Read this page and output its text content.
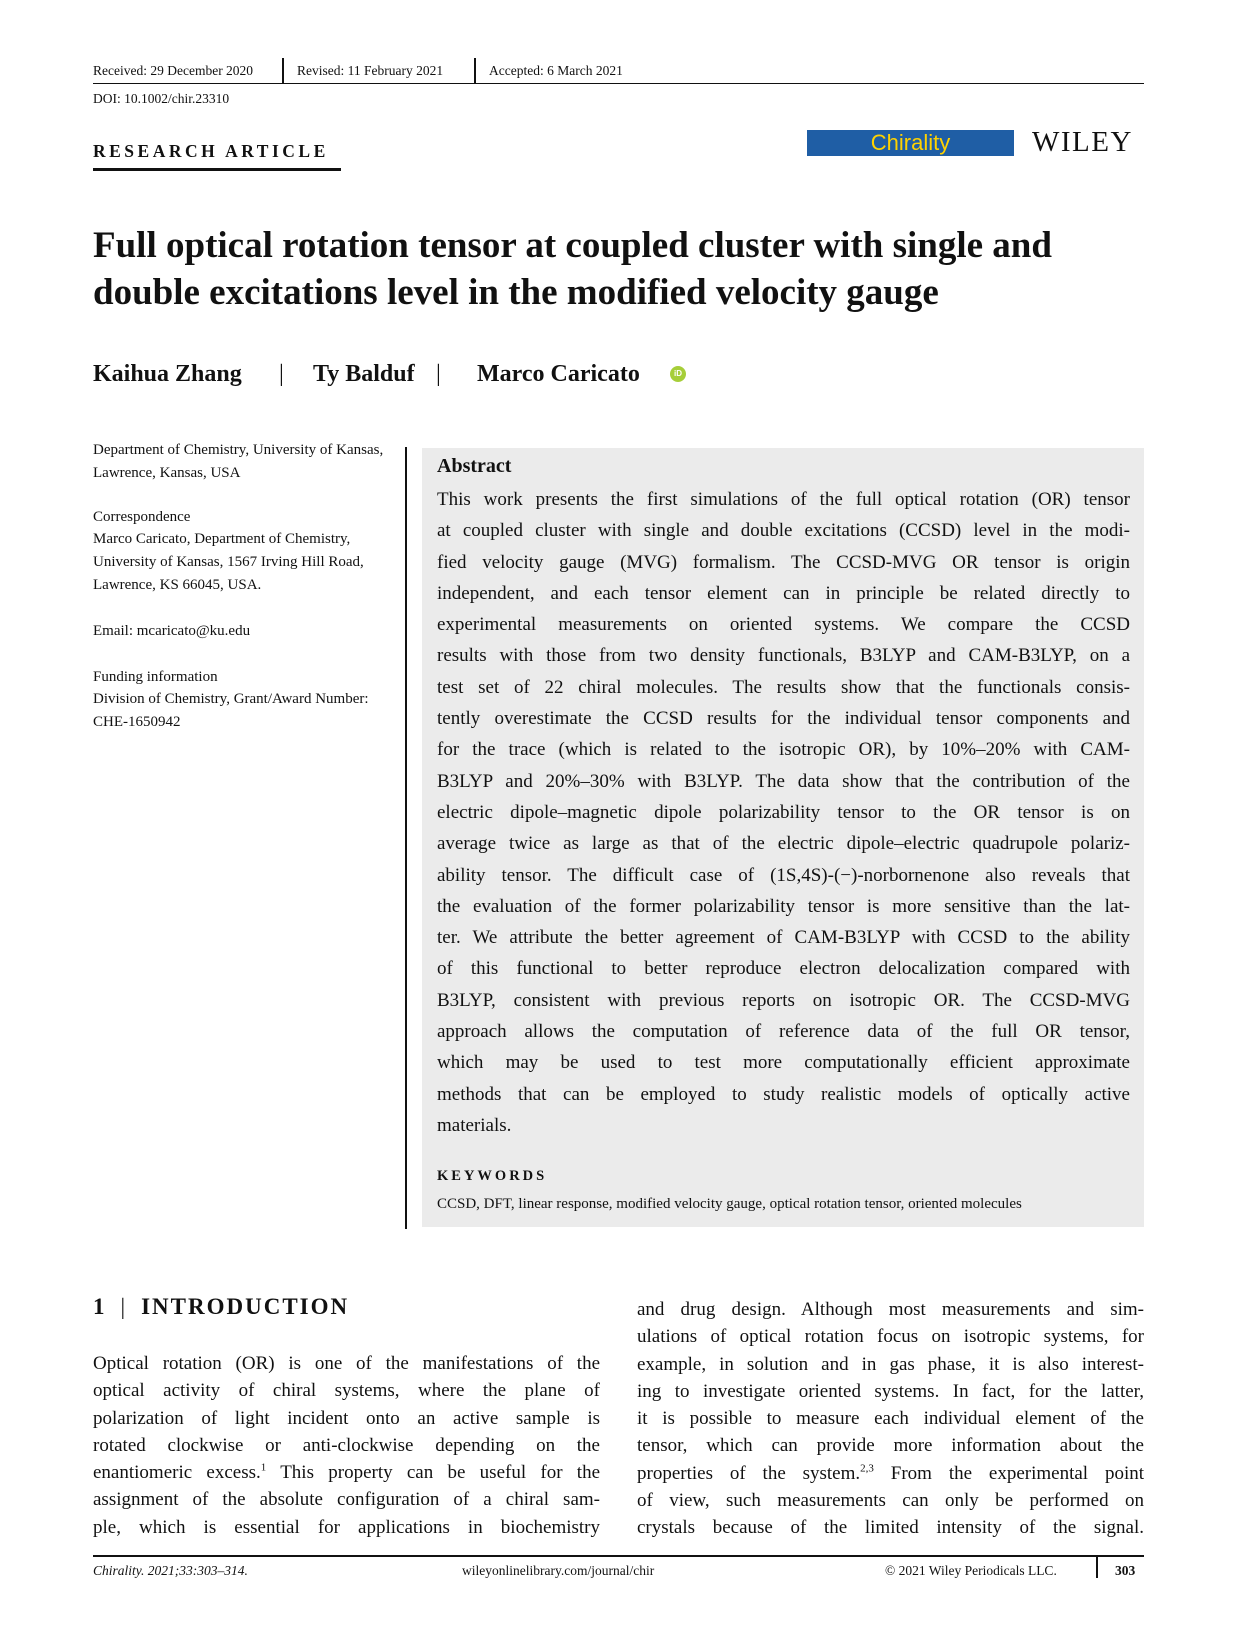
Received: 29 December 2020	Revised: 11 February 2021	Accepted: 6 March 2021
DOI: 10.1002/chir.23310
RESEARCH ARTICLE	Chirality	WILEY
Full optical rotation tensor at coupled cluster with single and double excitations level in the modified velocity gauge
Kaihua Zhang | Ty Balduf | Marco Caricato	iD
Department of Chemistry, University of Kansas, Lawrence, Kansas, USA
Correspondence
Marco Caricato, Department of Chemistry, University of Kansas, 1567 Irving Hill Road, Lawrence, KS 66045, USA.
Email: mcaricato@ku.edu
Funding information
Division of Chemistry, Grant/Award Number: CHE-1650942
Abstract
This work presents the first simulations of the full optical rotation (OR) tensor
at coupled cluster with single and double excitations (CCSD) level in the modi-
fied velocity gauge (MVG) formalism. The CCSD-MVG OR tensor is origin
independent, and each tensor element can in principle be related directly to
experimental measurements on oriented systems. We compare the CCSD
results with those from two density functionals, B3LYP and CAM-B3LYP, on a
test set of 22 chiral molecules. The results show that the functionals consis-
tently overestimate the CCSD results for the individual tensor components and
for the trace (which is related to the isotropic OR), by 10%–20% with CAM-
B3LYP and 20%–30% with B3LYP. The data show that the contribution of the
electric dipole–magnetic dipole polarizability tensor to the OR tensor is on
average twice as large as that of the electric dipole–electric quadrupole polariz-
ability tensor. The difficult case of (1S,4S)-(−)-norbornenone also reveals that
the evaluation of the former polarizability tensor is more sensitive than the lat-
ter. We attribute the better agreement of CAM-B3LYP with CCSD to the ability
of this functional to better reproduce electron delocalization compared with
B3LYP, consistent with previous reports on isotropic OR. The CCSD-MVG
approach allows the computation of reference data of the full OR tensor,
which may be used to test more computationally efficient approximate
methods that can be employed to study realistic models of optically active
materials.
KEYWORDS
CCSD, DFT, linear response, modified velocity gauge, optical rotation tensor, oriented molecules
1 | INTRODUCTION
Optical rotation (OR) is one of the manifestations of the
optical activity of chiral systems, where the plane of
polarization of light incident onto an active sample is
rotated clockwise or anti-clockwise depending on the
enantiomeric excess.$^1$ This property can be useful for the
assignment of the absolute configuration of a chiral sam-
ple, which is essential for applications in biochemistry
and drug design. Although most measurements and sim-
ulations of optical rotation focus on isotropic systems, for
example, in solution and in gas phase, it is also interest-
ing to investigate oriented systems. In fact, for the latter,
it is possible to measure each individual element of the
tensor, which can provide more information about the
properties of the system.$^{2,3}$ From the experimental point
of view, such measurements can only be performed on
crystals because of the limited intensity of the signal.
Chirality. 2021;33:303–314.	wileyonlinelibrary.com/journal/chir	© 2021 Wiley Periodicals LLC.	303
